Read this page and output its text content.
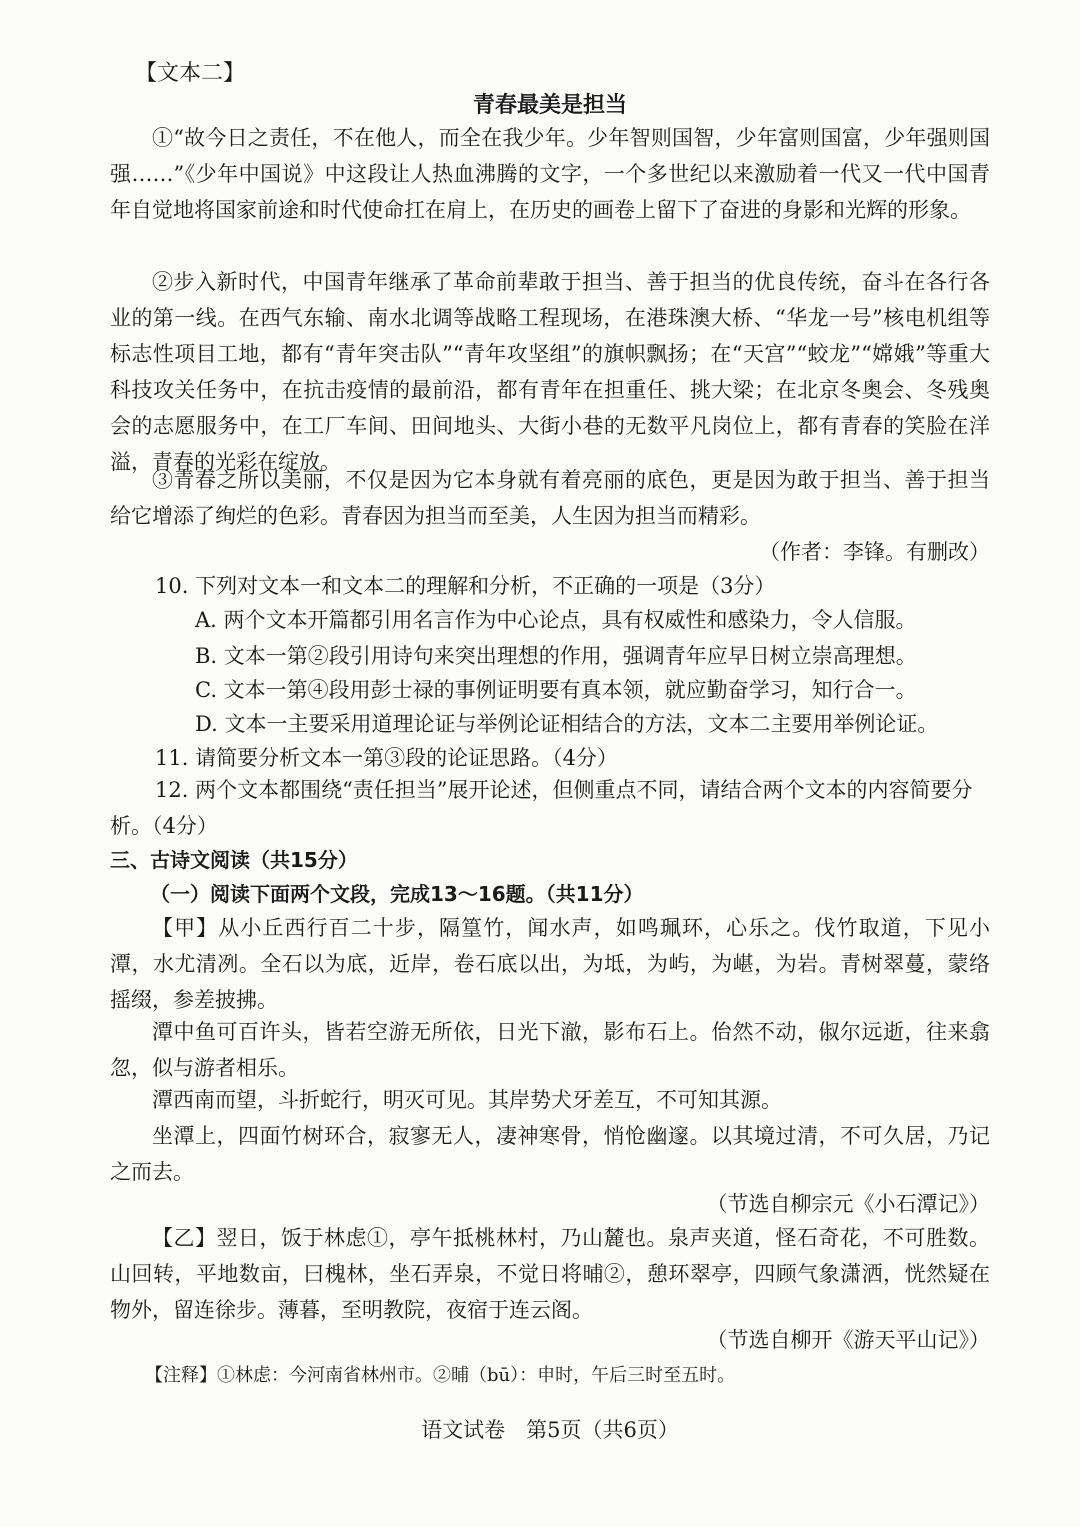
【文本二】

青春最美是担当

①“故今日之责任，不在他人，而全在我少年。少年智则国智，少年富则国富，少年强则国强……”《少年中国说》中这段让人热血沸腾的文字，一个多世纪以来激励着一代又一代中国青年自觉地将国家前途和时代使命扛在肩上，在历史的画卷上留下了奋进的身影和光辉的形象。

②步入新时代，中国青年继承了革命前辈敢于担当、善于担当的优良传统，奋斗在各行各业的第一线。在西气东输、南水北调等战略工程现场，在港珠澳大桥、“华龙一号”核电机组等标志性项目工地，都有“青年突击队”“青年攻坚组”的旗帜飘扬；在“天宫”“蛟龙”“嫦娥”等重大科技攻关任务中，在抗击疫情的最前沿，都有青年在担重任、挑大梁；在北京冬奥会、冬残奥会的志愿服务中，在工厂车间、田间地头、大街小巷的无数平凡岗位上，都有青春的笑脸在洋溢，青春的光彩在绽放。

③青春之所以美丽，不仅是因为它本身就有着亮丽的底色，更是因为敢于担当、善于担当给它增添了绚烂的色彩。青春因为担当而至美，人生因为担当而精彩。

（作者：李锋。有删改）

10. 下列对文本一和文本二的理解和分析，不正确的一项是（3分）

A. 两个文本开篇都引用名言作为中心论点，具有权威性和感染力，令人信服。

B. 文本一第②段引用诗句来突出理想的作用，强调青年应早日树立崇高理想。

C. 文本一第④段用彭士禄的事例证明要有真本领，就应勤奋学习，知行合一。

D. 文本一主要采用道理论证与举例论证相结合的方法，文本二主要用举例论证。

11. 请简要分析文本一第③段的论证思路。（4分）

12. 两个文本都围绕“责任担当”展开论述，但侧重点不同，请结合两个文本的内容简要分析。（4分）

三、古诗文阅读（共15分）

（一）阅读下面两个文段，完成13～16题。（共11分）

【甲】从小丘西行百二十步，隔篁竹，闻水声，如鸣珮环，心乐之。伐竹取道，下见小潭，水尤清冽。全石以为底，近岸，卷石底以出，为坻，为屿，为嵁，为岩。青树翠蔓，蒙络摇缀，参差披拂。

潭中鱼可百许头，皆若空游无所依，日光下澈，影布石上。佁然不动，俶尔远逝，往来翕忽，似与游者相乐。

潭西南而望，斗折蛇行，明灭可见。其岸势犬牙差互，不可知其源。

坐潭上，四面竹树环合，寂寥无人，凄神寒骨，悄怆幽邃。以其境过清，不可久居，乃记之而去。

（节选自柳宗元《小石潭记》）

【乙】翌日，饭于林虑①，亭午抵桃林村，乃山麓也。泉声夹道，怪石奇花，不可胜数。山回转，平地数亩，曰槐林，坐石弄泉，不觉日将晡②，憩环翠亭，四顾气象潇洒，恍然疑在物外，留连徐步。薄暮，至明教院，夜宿于连云阁。

（节选自柳开《游天平山记》）

【注释】①林虑：今河南省林州市。②晡（bū）：申时，午后三时至五时。

语文试卷　第5页（共6页）
